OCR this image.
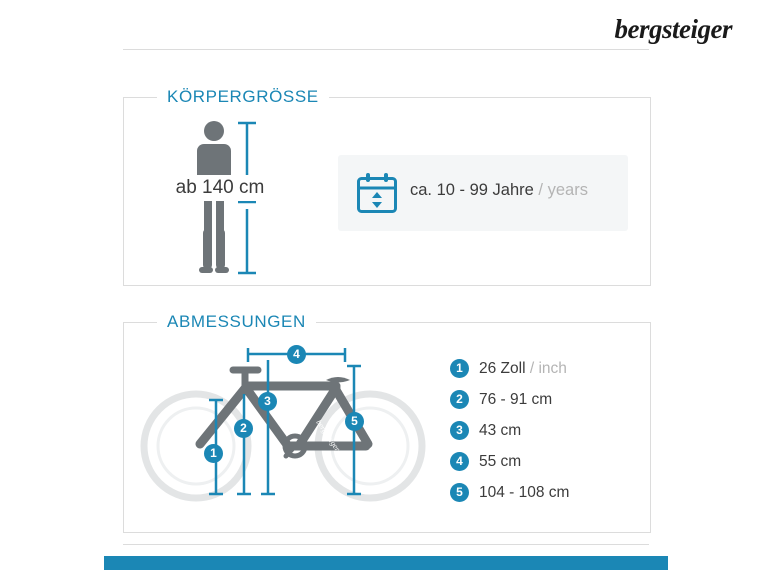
bergsteiger
KÖRPERGRÖSSE
ab 140 cm	ca. 10 - 99 Jahre / years
ABMESSUNGEN
bergsteiger
1
2
3
4
5
1	26 Zoll / inch
2	76 - 91 cm
3	43 cm
4	55 cm
5	104 - 108 cm
